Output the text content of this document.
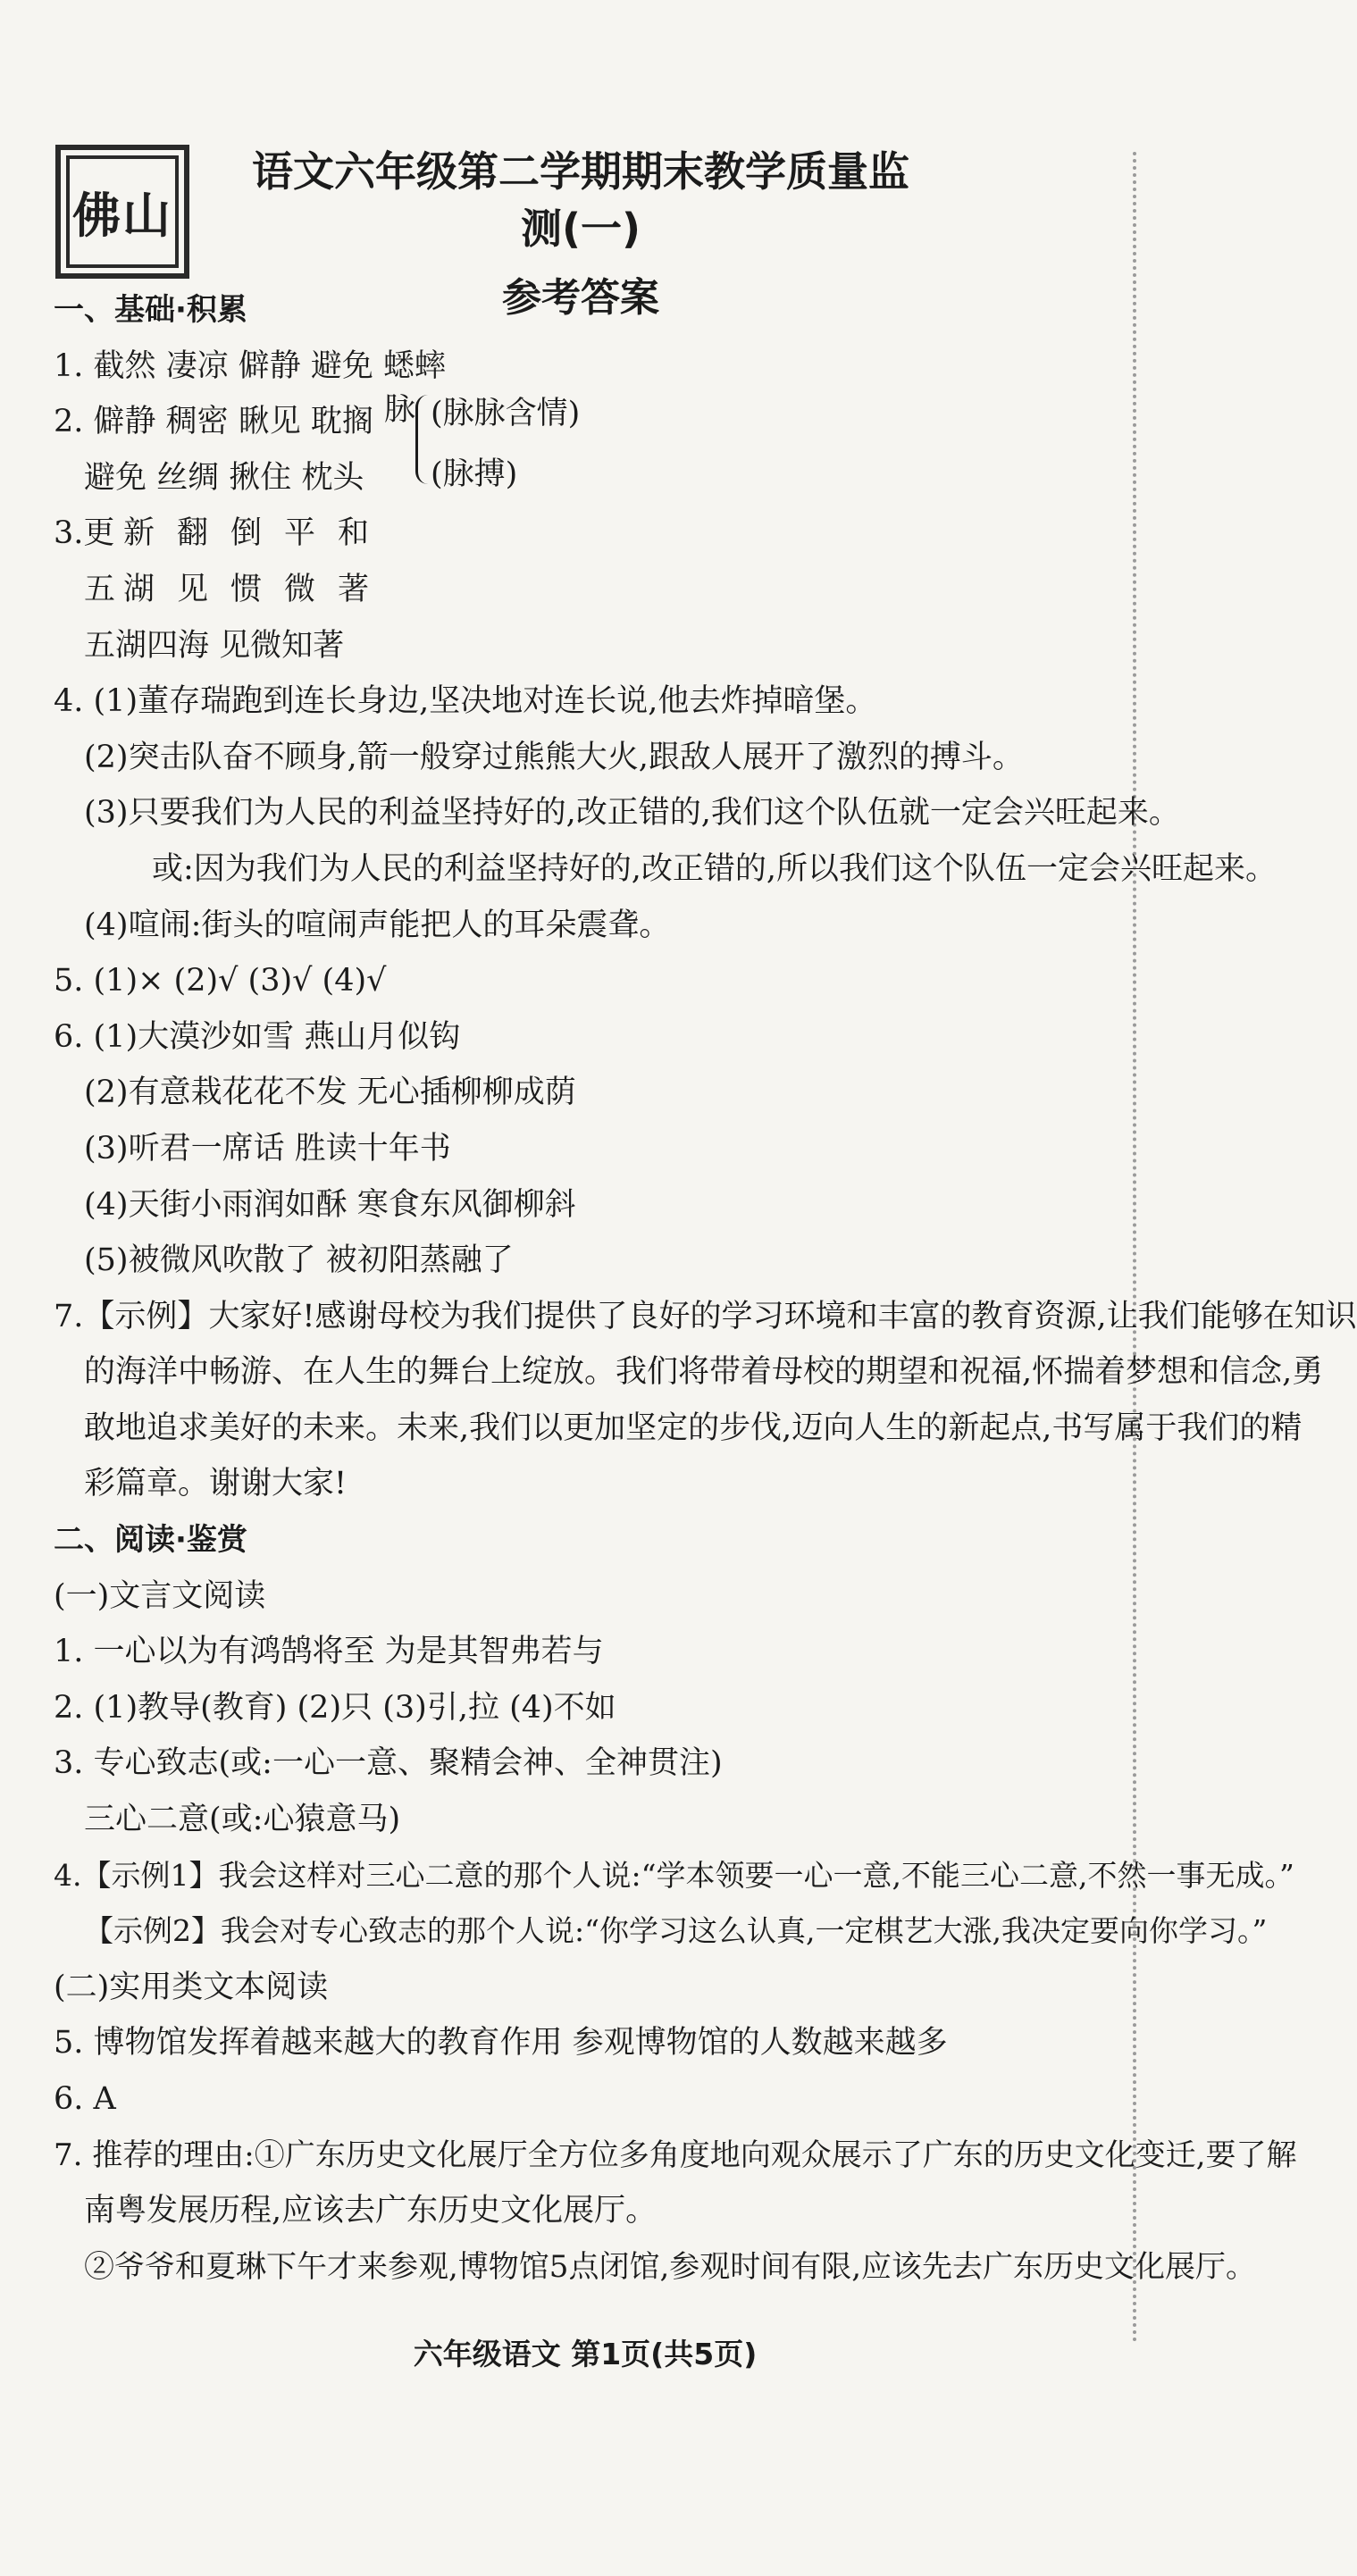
佛山
语文六年级第二学期期末教学质量监测(一)
参考答案
一、基础·积累
1. 截然 凄凉 僻静 避免 蟋蟀
2. 僻静 稠密 瞅见 耽搁
避免 丝绸 揪住 枕头
脉 (脉脉含情)
(脉搏)
3.更 新 翻 倒 平 和
五 湖 见 惯 微 著
五湖四海 见微知著
4. (1)董存瑞跑到连长身边,坚决地对连长说,他去炸掉暗堡。
(2)突击队奋不顾身,箭一般穿过熊熊大火,跟敌人展开了激烈的搏斗。
(3)只要我们为人民的利益坚持好的,改正错的,我们这个队伍就一定会兴旺起来。
或:因为我们为人民的利益坚持好的,改正错的,所以我们这个队伍一定会兴旺起来。
(4)喧闹:街头的喧闹声能把人的耳朵震聋。
5. (1)× (2)√ (3)√ (4)√
6. (1)大漠沙如雪 燕山月似钩
(2)有意栽花花不发 无心插柳柳成荫
(3)听君一席话 胜读十年书
(4)天街小雨润如酥 寒食东风御柳斜
(5)被微风吹散了 被初阳蒸融了
7.【示例】大家好!感谢母校为我们提供了良好的学习环境和丰富的教育资源,让我们能够在知识
的海洋中畅游、在人生的舞台上绽放。我们将带着母校的期望和祝福,怀揣着梦想和信念,勇
敢地追求美好的未来。未来,我们以更加坚定的步伐,迈向人生的新起点,书写属于我们的精
彩篇章。谢谢大家!
二、阅读·鉴赏
(一)文言文阅读
1. 一心以为有鸿鹄将至 为是其智弗若与
2. (1)教导(教育) (2)只 (3)引,拉 (4)不如
3. 专心致志(或:一心一意、聚精会神、全神贯注)
三心二意(或:心猿意马)
4.【示例1】我会这样对三心二意的那个人说:“学本领要一心一意,不能三心二意,不然一事无成。”
【示例2】我会对专心致志的那个人说:“你学习这么认真,一定棋艺大涨,我决定要向你学习。”
(二)实用类文本阅读
5. 博物馆发挥着越来越大的教育作用 参观博物馆的人数越来越多
6. A
7. 推荐的理由:①广东历史文化展厅全方位多角度地向观众展示了广东的历史文化变迁,要了解
南粤发展历程,应该去广东历史文化展厅。
②爷爷和夏琳下午才来参观,博物馆5点闭馆,参观时间有限,应该先去广东历史文化展厅。
六年级语文 第1页(共5页)
